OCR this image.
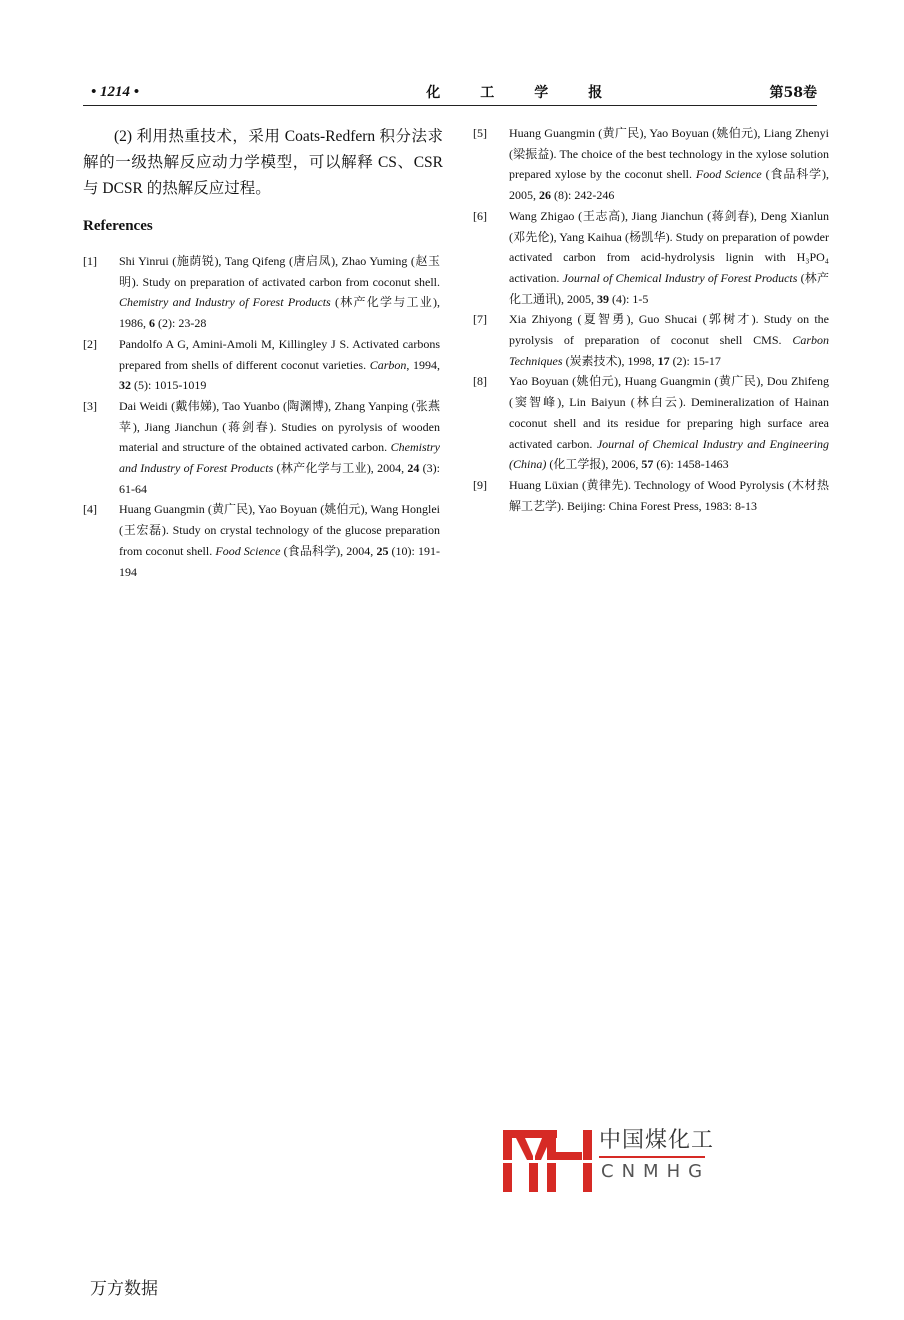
• 1214 •	化工学报	第58卷
(2) 利用热重技术，采用 Coats-Redfern 积分法求解的一级热解反应动力学模型，可以解释 CS、CSR 与 DCSR 的热解反应过程。
References
[1] Shi Yinrui (施荫锐), Tang Qifeng (唐启凤), Zhao Yuming (赵玉明). Study on preparation of activated carbon from coconut shell. Chemistry and Industry of Forest Products (林产化学与工业), 1986, 6 (2): 23-28
[2] Pandolfo A G, Amini-Amoli M, Killingley J S. Activated carbons prepared from shells of different coconut varieties. Carbon, 1994, 32 (5): 1015-1019
[3] Dai Weidi (戴伟娣), Tao Yuanbo (陶渊博), Zhang Yanping (张燕苹), Jiang Jianchun (蒋剑春). Studies on pyrolysis of wooden material and structure of the obtained activated carbon. Chemistry and Industry of Forest Products (林产化学与工业), 2004, 24 (3): 61-64
[4] Huang Guangmin (黄广民), Yao Boyuan (姚伯元), Wang Honglei (王宏磊). Study on crystal technology of the glucose preparation from coconut shell. Food Science (食品科学), 2004, 25 (10): 191-194
[5] Huang Guangmin (黄广民), Yao Boyuan (姚伯元), Liang Zhenyi (梁振益). The choice of the best technology in the xylose solution prepared xylose by the coconut shell. Food Science (食品科学), 2005, 26 (8): 242-246
[6] Wang Zhigao (王志高), Jiang Jianchun (蒋剑春), Deng Xianlun (邓先伦), Yang Kaihua (杨凯华). Study on preparation of powder activated carbon from acid-hydrolysis lignin with H₃PO₄ activation. Journal of Chemical Industry of Forest Products (林产化工通讯), 2005, 39 (4): 1-5
[7] Xia Zhiyong (夏智勇), Guo Shucai (郭树才). Study on the pyrolysis of preparation of coconut shell CMS. Carbon Techniques (炭素技术), 1998, 17 (2): 15-17
[8] Yao Boyuan (姚伯元), Huang Guangmin (黄广民), Dou Zhifeng (窦智峰), Lin Baiyun (林白云). Demineralization of Hainan coconut shell and its residue for preparing high surface area activated carbon. Journal of Chemical Industry and Engineering (China) (化工学报), 2006, 57 (6): 1458-1463
[9] Huang Lüxian (黄律先). Technology of Wood Pyrolysis (木材热解工艺学). Beijing: China Forest Press, 1983: 8-13
中国煤化工
CNMHG
万方数据
